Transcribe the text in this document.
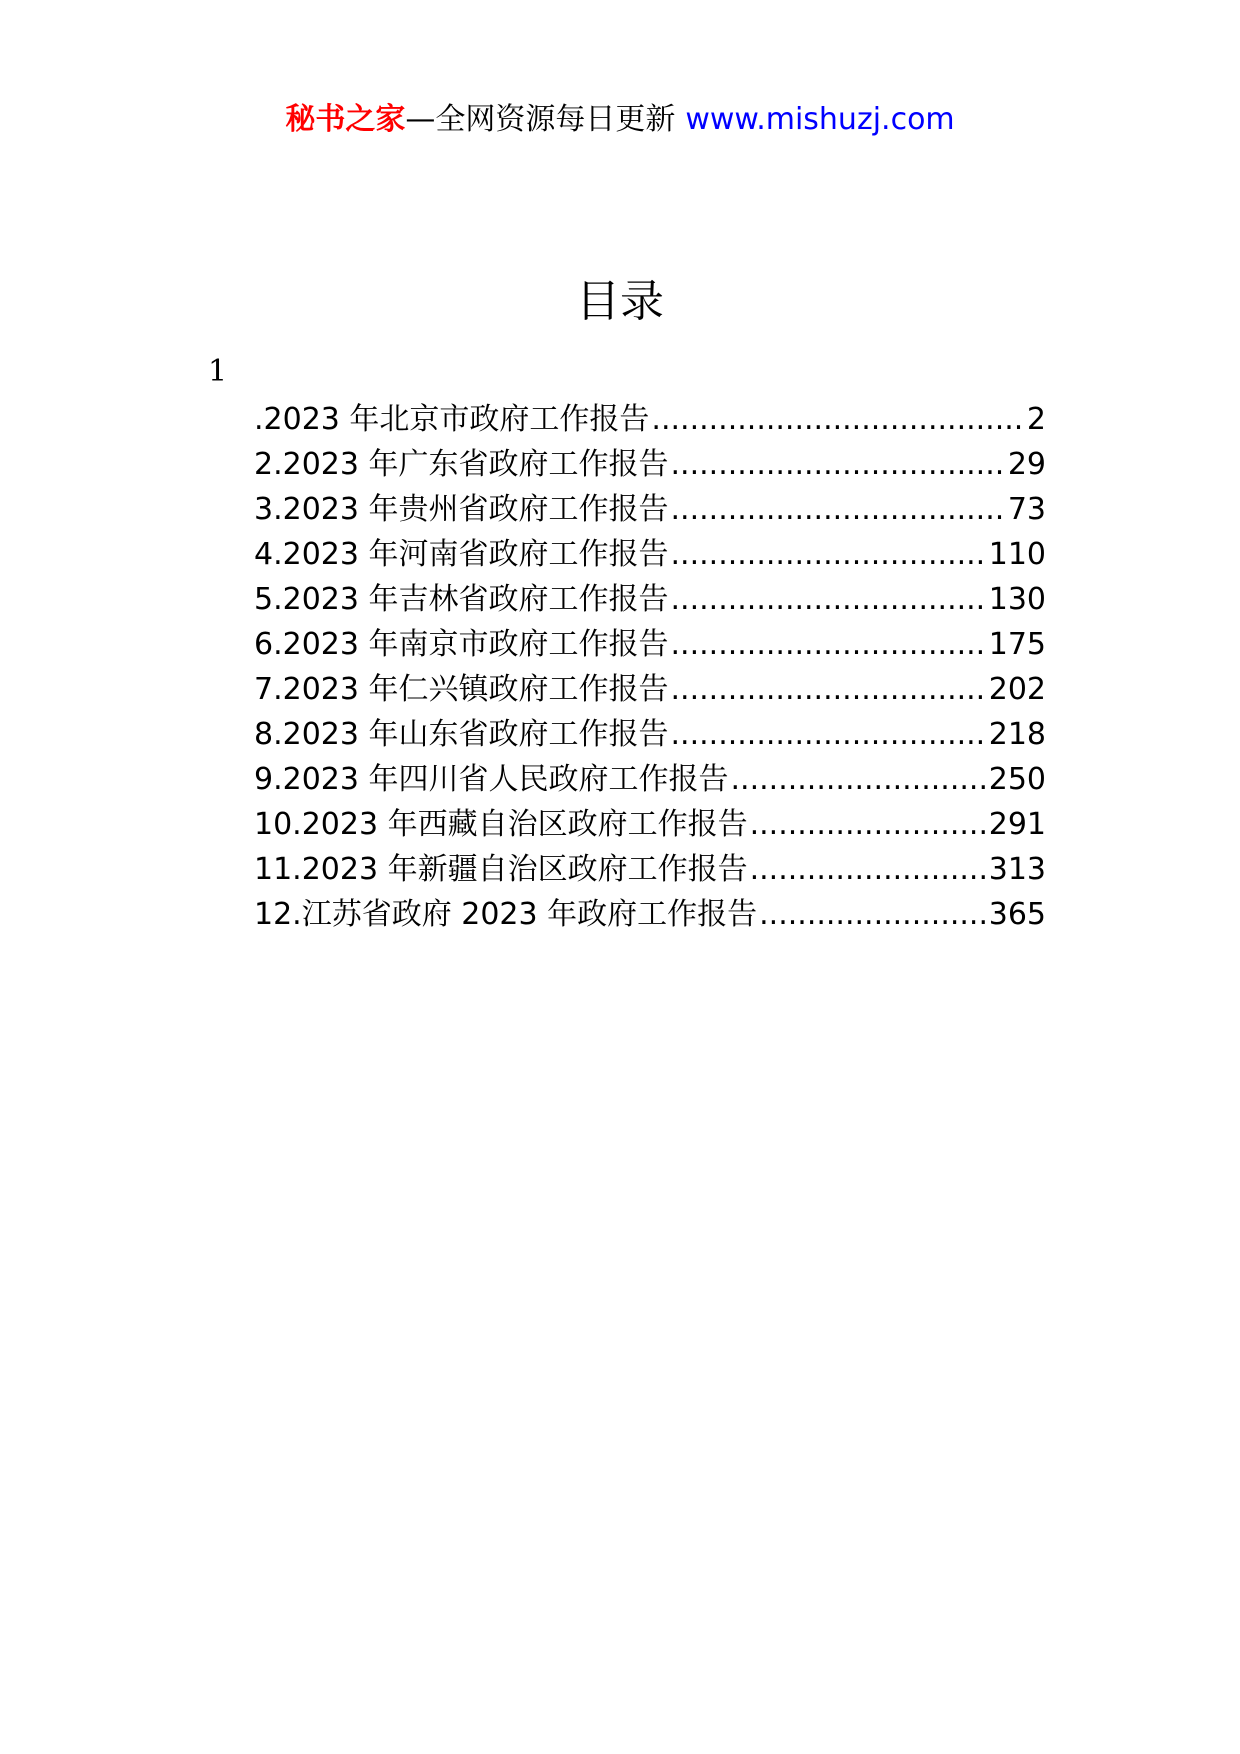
秘书之家—全网资源每日更新 www.mishuzj.com
目录
1
.2023 年北京市政府工作报告 .....	2
2.2023 年广东省政府工作报告 .....	29
3.2023 年贵州省政府工作报告 .....	73
4.2023 年河南省政府工作报告 .....	110
5.2023 年吉林省政府工作报告 .....	130
6.2023 年南京市政府工作报告 .....	175
7.2023 年仁兴镇政府工作报告 .....	202
8.2023 年山东省政府工作报告 .....	218
9.2023 年四川省人民政府工作报告 .....	250
10.2023 年西藏自治区政府工作报告 .....	291
11.2023 年新疆自治区政府工作报告 .....	313
12.江苏省政府 2023 年政府工作报告 .....	365
